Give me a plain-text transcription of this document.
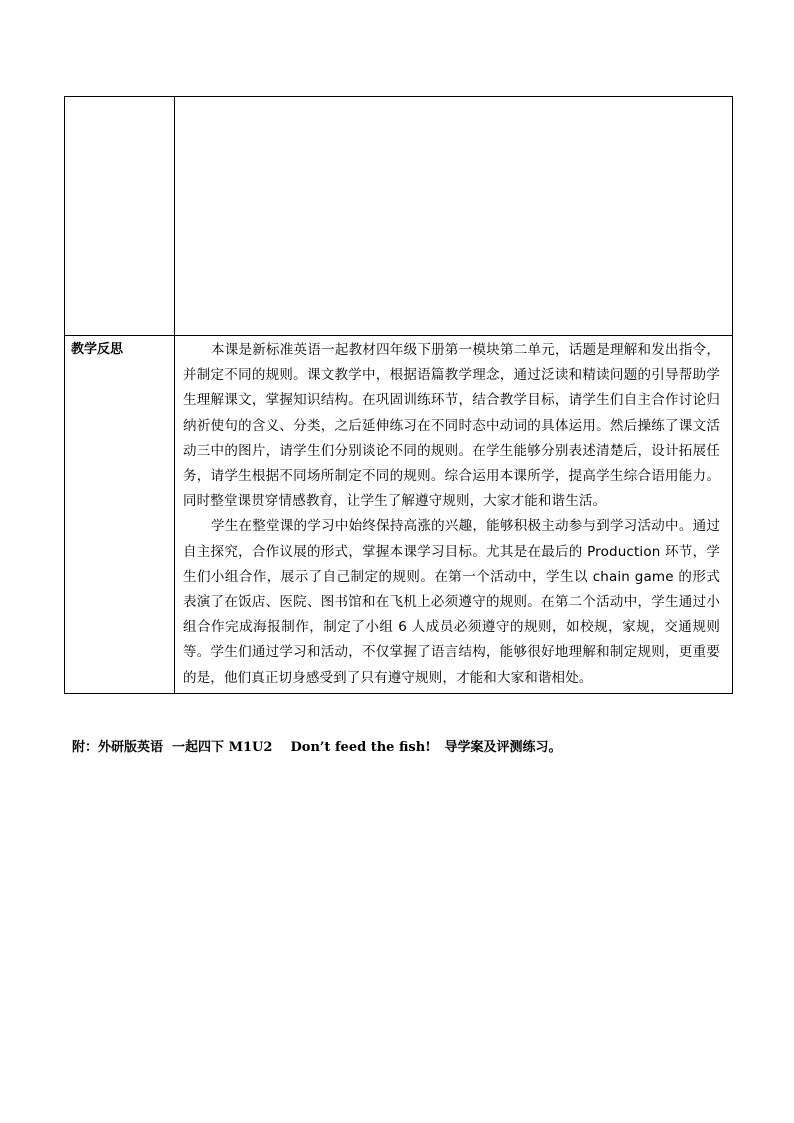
教学反思	本课是新标准英语一起教材四年级下册第一模块第二单元，话题是理解和发出指令，并制定不同的规则。课文教学中，根据语篇教学理念，通过泛读和精读问题的引导帮助学生理解课文，掌握知识结构。在巩固训练环节，结合教学目标，请学生们自主合作讨论归纳祈使句的含义、分类，之后延伸练习在不同时态中动词的具体运用。然后操练了课文活动三中的图片，请学生们分别谈论不同的规则。在学生能够分别表述清楚后，设计拓展任务，请学生根据不同场所制定不同的规则。综合运用本课所学，提高学生综合语用能力。同时整堂课贯穿情感教育，让学生了解遵守规则，大家才能和谐生活。

学生在整堂课的学习中始终保持高涨的兴趣，能够积极主动参与到学习活动中。通过自主探究，合作议展的形式，掌握本课学习目标。尤其是在最后的 Production 环节，学生们小组合作，展示了自己制定的规则。在第一个活动中，学生以 chain game 的形式表演了在饭店、医院、图书馆和在飞机上必须遵守的规则。在第二个活动中，学生通过小组合作完成海报制作，制定了小组 6 人成员必须遵守的规则，如校规，家规，交通规则等。学生们通过学习和活动，不仅掌握了语言结构，能够很好地理解和制定规则，更重要的是，他们真正切身感受到了只有遵守规则，才能和大家和谐相处。

附：外研版英语  一起四下 M1U2    Don’t feed the fish!   导学案及评测练习。
